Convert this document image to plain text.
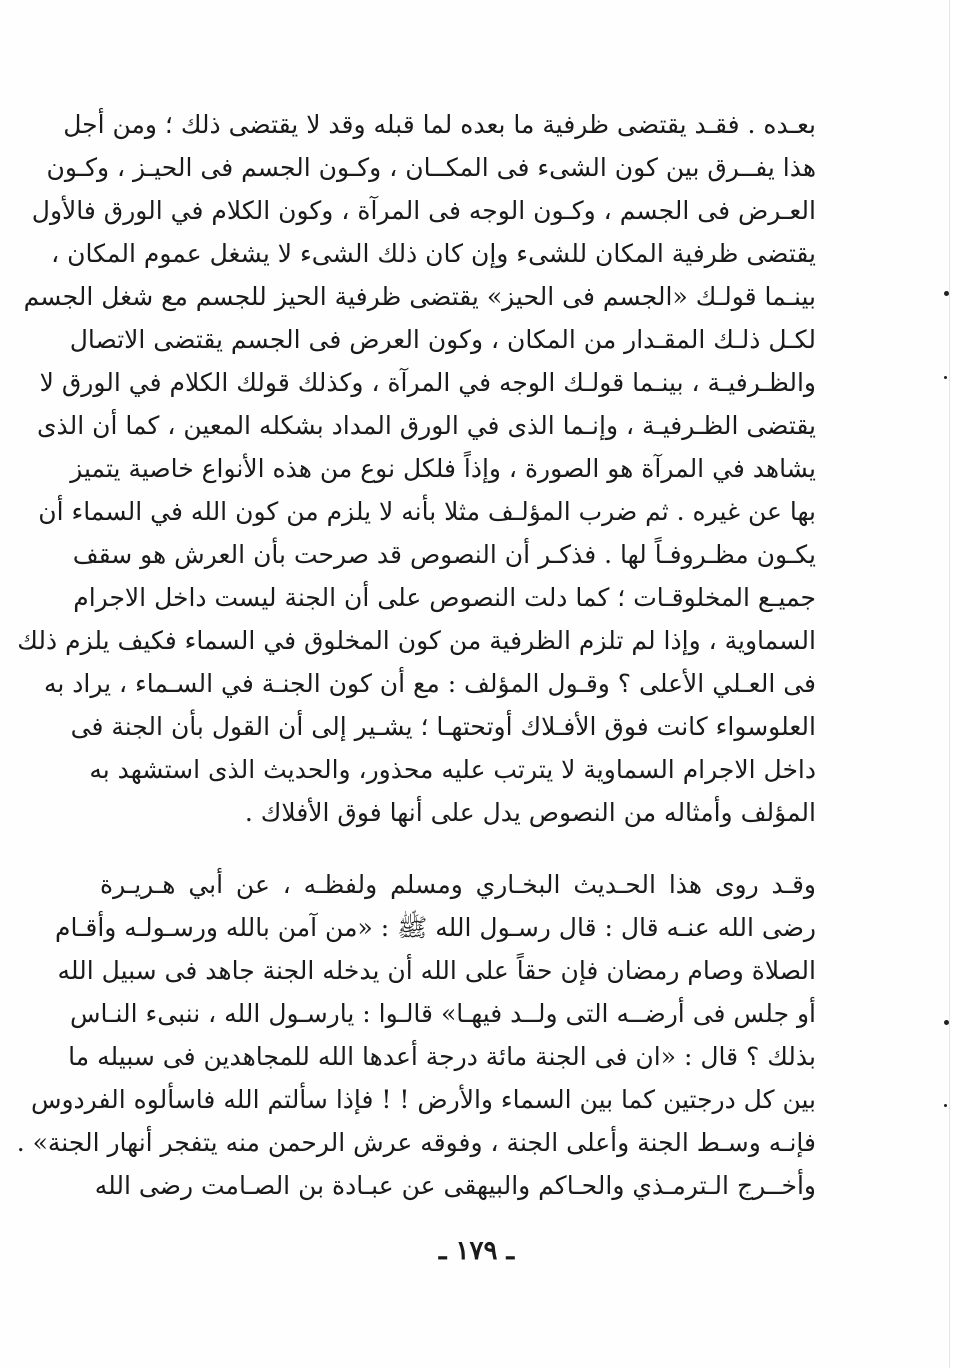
بعـده . فقـد يقتضى ظرفية ما بعده لما قبله وقد لا يقتضى ذلك ؛ ومن أجل
هذا يفــرق بين كون الشىء فى المكــان ، وكـون الجسم فى الحيـز ، وكـون
العـرض فى الجسم ، وكـون الوجه فى المرآة ، وكون الكلام في الورق فالأول
يقتضى ظرفية المكان للشىء وإن كان ذلك الشىء لا يشغل عموم المكان ،
بينـما قولـك «الجسم فى الحيز» يقتضى ظرفية الحيز للجسم مع شغل الجسم
لكـل ذلـك المقـدار من المكان ، وكون العرض فى الجسم يقتضى الاتصال
والظـرفيـة ، بينـما قولـك الوجه في المرآة ، وكذلك قولك الكلام في الورق لا
يقتضى الظـرفيـة ، وإنـما الذى في الورق المداد بشكله المعين ، كما أن الذى
يشاهد في المرآة هو الصورة ، وإذاً فلكل نوع من هذه الأنواع خاصية يتميز
بها عن غيره . ثم ضرب المؤلـف مثلا بأنه لا يلزم من كون الله في السماء أن
يكـون مظـروفـاً لها . فذكـر أن النصوص قد صرحت بأن العرش هو سقف
جميـع المخلوقـات ؛ كما دلت النصوص على أن الجنة ليست داخل الاجرام
السماوية ، وإذا لم تلزم الظرفية من كون المخلوق في السماء فكيف يلزم ذلك
فى العـلي الأعلى ؟ وقـول المؤلف : مع أن كون الجنـة في السـماء ، يراد به
العلوسواء كانت فوق الأفـلاك أوتحتهـا ؛ يشـير إلى أن القول بأن الجنة فى
داخل الاجرام السماوية لا يترتب عليه محذور، والحديث الذى استشهد به
المؤلف وأمثاله من النصوص يدل على أنها فوق الأفلاك .
وقـد روى هذا الحـديث البخـاري ومسلم ولفظـه ، عن أبي هـريـرة
رضى الله عنـه قال : قال رسـول الله ﷺ : «من آمن بالله ورسـولـه وأقـام
الصلاة وصام رمضان فإن حقاً على الله أن يدخله الجنة جاهد فى سبيل الله
أو جلس فى أرضــه التى ولــد فيهـا» قالـوا : يارسـول الله ، ننبىء النـاس
بذلك ؟ قال : «ان فى الجنة مائة درجة أعدها الله للمجاهدين فى سبيله ما
بين كل درجتين كما بين السماء والأرض ! ! فإذا سألتم الله فاسألوه الفردوس
فإنـه وسـط الجنة وأعلى الجنة ، وفوقه عرش الرحمن منه يتفجر أنهار الجنة» .
وأخــرج الـترمـذي والحـاكم والبيهقى عن عبـادة بن الصـامت رضى الله
ـ ١٧٩ ـ
